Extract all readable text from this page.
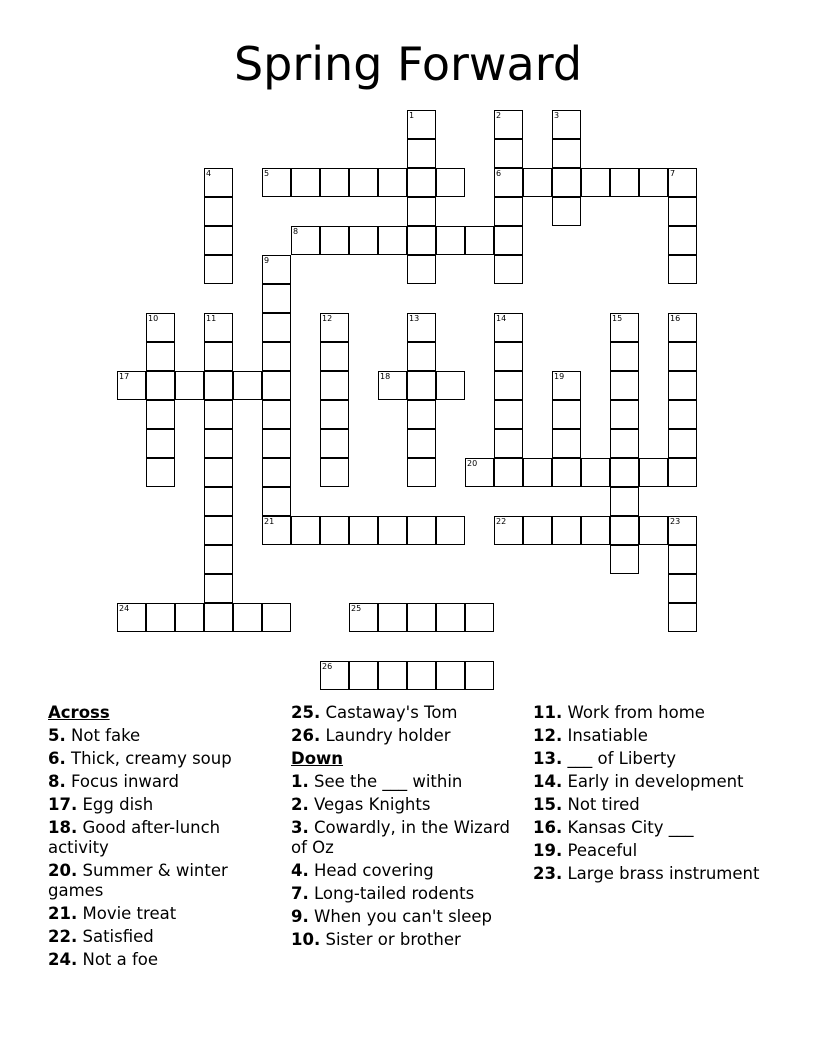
Spring Forward
1	2
6
3
4	5	7
8
9
21
10	11	12	13	14	15	16
17	18	19
20
22	23
24	25
26
Across
5. Not fake
6. Thick, creamy soup
8. Focus inward
17. Egg dish
18. Good after-lunch activity
20. Summer & winter games
21. Movie treat
22. Satisfied
24. Not a foe
25. Castaway's Tom
26. Laundry holder
Down
1. See the ___ within
2. Vegas Knights
3. Cowardly, in the Wizard of Oz
4. Head covering
7. Long-tailed rodents
9. When you can't sleep
10. Sister or brother
11. Work from home
12. Insatiable
13. ___ of Liberty
14. Early in development
15. Not tired
16. Kansas City ___
19. Peaceful
23. Large brass instrument
